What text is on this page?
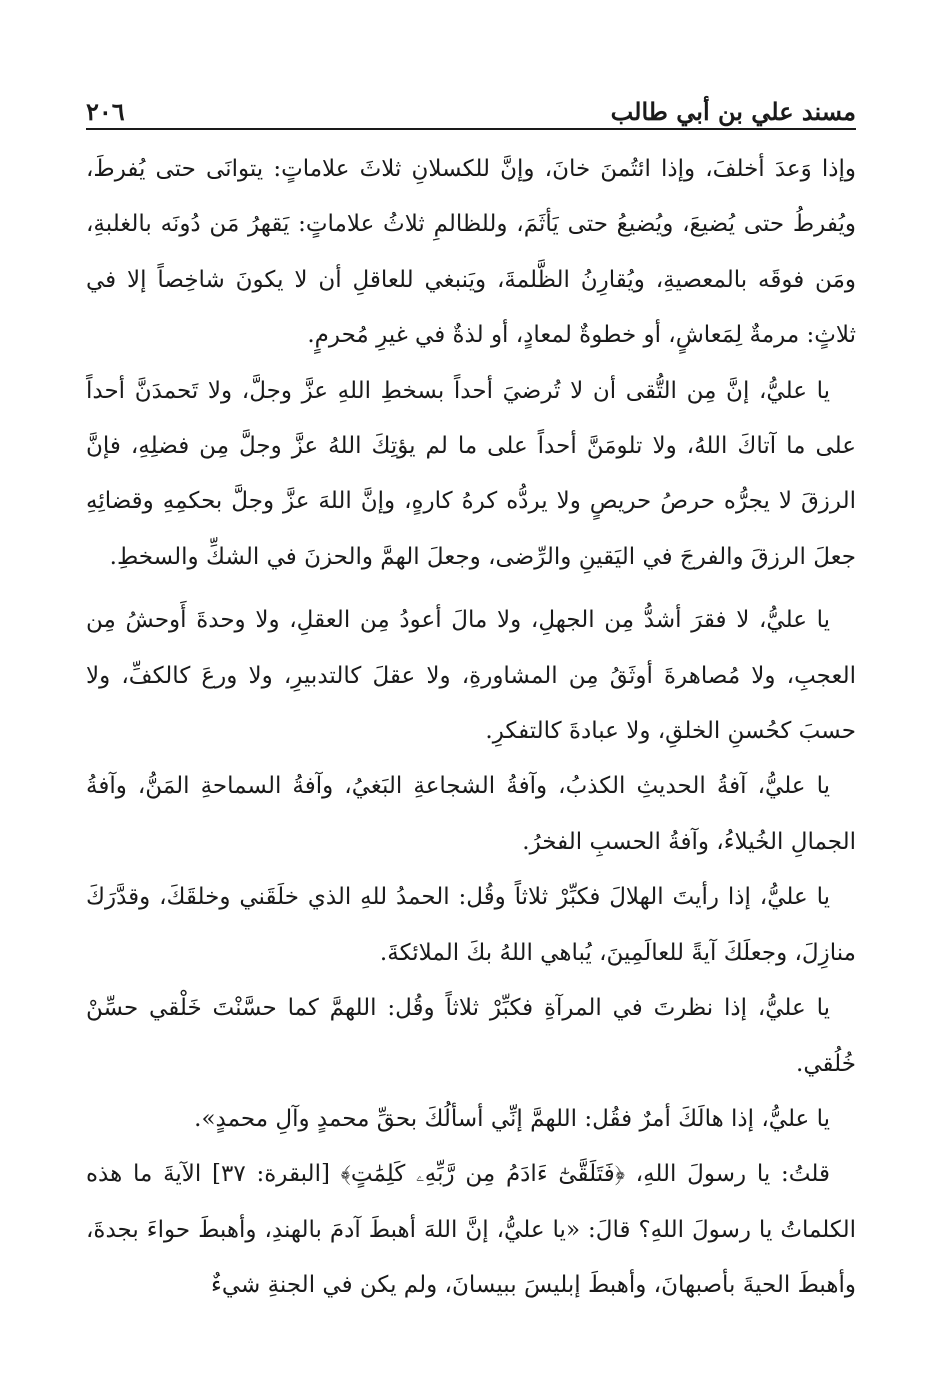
مسند علي بن أبي طالب
٢٠٦

وإذا وَعدَ أخلفَ، وإذا ائتُمنَ خانَ، وإنَّ للكسلانِ ثلاثَ علاماتٍ: يتوانَى حتى يُفرطَ، ويُفرطُ حتى يُضيعَ، ويُضيعُ حتى يَأثَمَ، وللظالمِ ثلاثُ علاماتٍ: يَقهرُ مَن دُونَه بالغلبةِ، ومَن فوقَه بالمعصيةِ، ويُقارِنُ الظَّلمةَ، ويَنبغي للعاقلِ أن لا يكونَ شاخِصاً إلا في ثلاثٍ: مرمةٌ لِمَعاشٍ، أو خطوةٌ لمعادٍ، أو لذةٌ في غيرِ مُحرمٍ.

يا عليُّ، إنَّ مِن التُّقى أن لا تُرضيَ أحداً بسخطِ اللهِ عزَّ وجلَّ، ولا تَحمدَنَّ أحداً على ما آتاكَ اللهُ، ولا تلومَنَّ أحداً على ما لم يؤتِكَ اللهُ عزَّ وجلَّ مِن فضلِهِ، فإنَّ الرزقَ لا يجرُّه حرصُ حريصٍ ولا يردُّه كرهُ كارهٍ، وإنَّ اللهَ عزَّ وجلَّ بحكمِهِ وقضائِهِ جعلَ الرزقَ والفرجَ في اليَقينِ والرِّضى، وجعلَ الهمَّ والحزنَ في الشكِّ والسخطِ.

يا عليُّ، لا فقرَ أشدُّ مِن الجهلِ، ولا مالَ أعودُ مِن العقلِ، ولا وحدةَ أَوحشُ مِن العجبِ، ولا مُصاهرةَ أوثَقُ مِن المشاورةِ، ولا عقلَ كالتدبيرِ، ولا ورعَ كالكفِّ، ولا حسبَ كحُسنِ الخلقِ، ولا عبادةَ كالتفكرِ.

يا عليُّ، آفةُ الحديثِ الكذبُ، وآفةُ الشجاعةِ البَغيُ، وآفةُ السماحةِ المَنُّ، وآفةُ الجمالِ الخُيلاءُ، وآفةُ الحسبِ الفخرُ.

يا عليُّ، إذا رأيتَ الهلالَ فكبِّرْ ثلاثاً وقُل: الحمدُ للهِ الذي خلَقَني وخلقَكَ، وقدَّرَكَ منازِلَ، وجعلَكَ آيةً للعالَمِينَ، يُباهي اللهُ بكَ الملائكةَ.

يا عليُّ، إذا نظرتَ في المرآةِ فكبِّرْ ثلاثاً وقُل: اللهمَّ كما حسَّنْتَ خَلْقي حسِّنْ خُلُقي.

يا عليُّ، إذا هالَكَ أمرٌ فقُل: اللهمَّ إنِّي أسألُكَ بحقِّ محمدٍ وآلِ محمدٍ».

قلتُ: يا رسولَ اللهِ، ﴿فَتَلَقَّىٰٓ ءَادَمُ مِن رَّبِّهِۦ كَلِمَٰتٍ﴾ [البقرة: ٣٧] الآيةَ ما هذه الكلماتُ يا رسولَ اللهِ؟ قالَ: «يا عليُّ، إنَّ اللهَ أهبطَ آدمَ بالهندِ، وأهبطَ حواءَ بجدةَ، وأهبطَ الحيةَ بأصبهانَ، وأهبطَ إبليسَ ببيسانَ، ولم يكن في الجنةِ شيءٌ
